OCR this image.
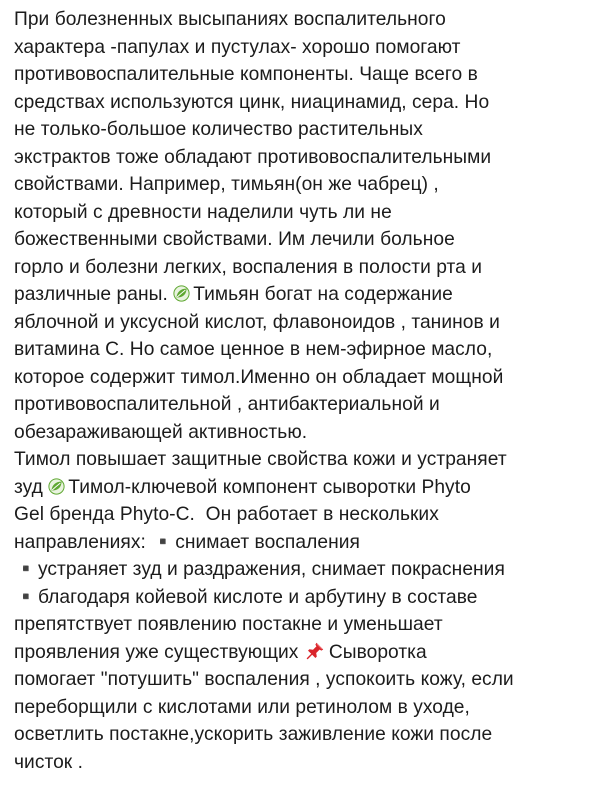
При болезненных высыпаниях воспалительного
характера -папулах и пустулах- хорошо помогают
противовоспалительные компоненты. Чаще всего в
средствах используются цинк, ниацинамид, сера. Но
не только-большое количество растительных
экстрактов тоже обладают противовоспалительными
свойствами. Например, тимьян(он же чабрец) ,
который с древности наделили чуть ли не
божественными свойствами. Им лечили больное
горло и болезни легких, воспаления в полости рта и
различные раны. Тимьян богат на содержание
яблочной и уксусной кислот, флавоноидов , танинов и
витамина С. Но самое ценное в нем-эфирное масло,
которое содержит тимол.Именно он обладает мощной
противовоспалительной , антибактериальной и
обезараживающей активностью.
Тимол повышает защитные свойства кожи и устраняет
зуд Тимол-ключевой компонент сыворотки Phyto
Gel бренда Phyto-C.  Он работает в нескольких
направлениях: ▪️снимает воспаления
▪️устраняет зуд и раздражения, снимает покраснения
▪️благодаря койевой кислоте и арбутину в составе
препятствует появлению постакне и уменьшает
проявления уже существующих Сыворотка
помогает "потушить" воспаления , успокоить кожу, если
переборщили с кислотами или ретинолом в уходе,
осветлить постакне,ускорить заживление кожи после
чисток .
